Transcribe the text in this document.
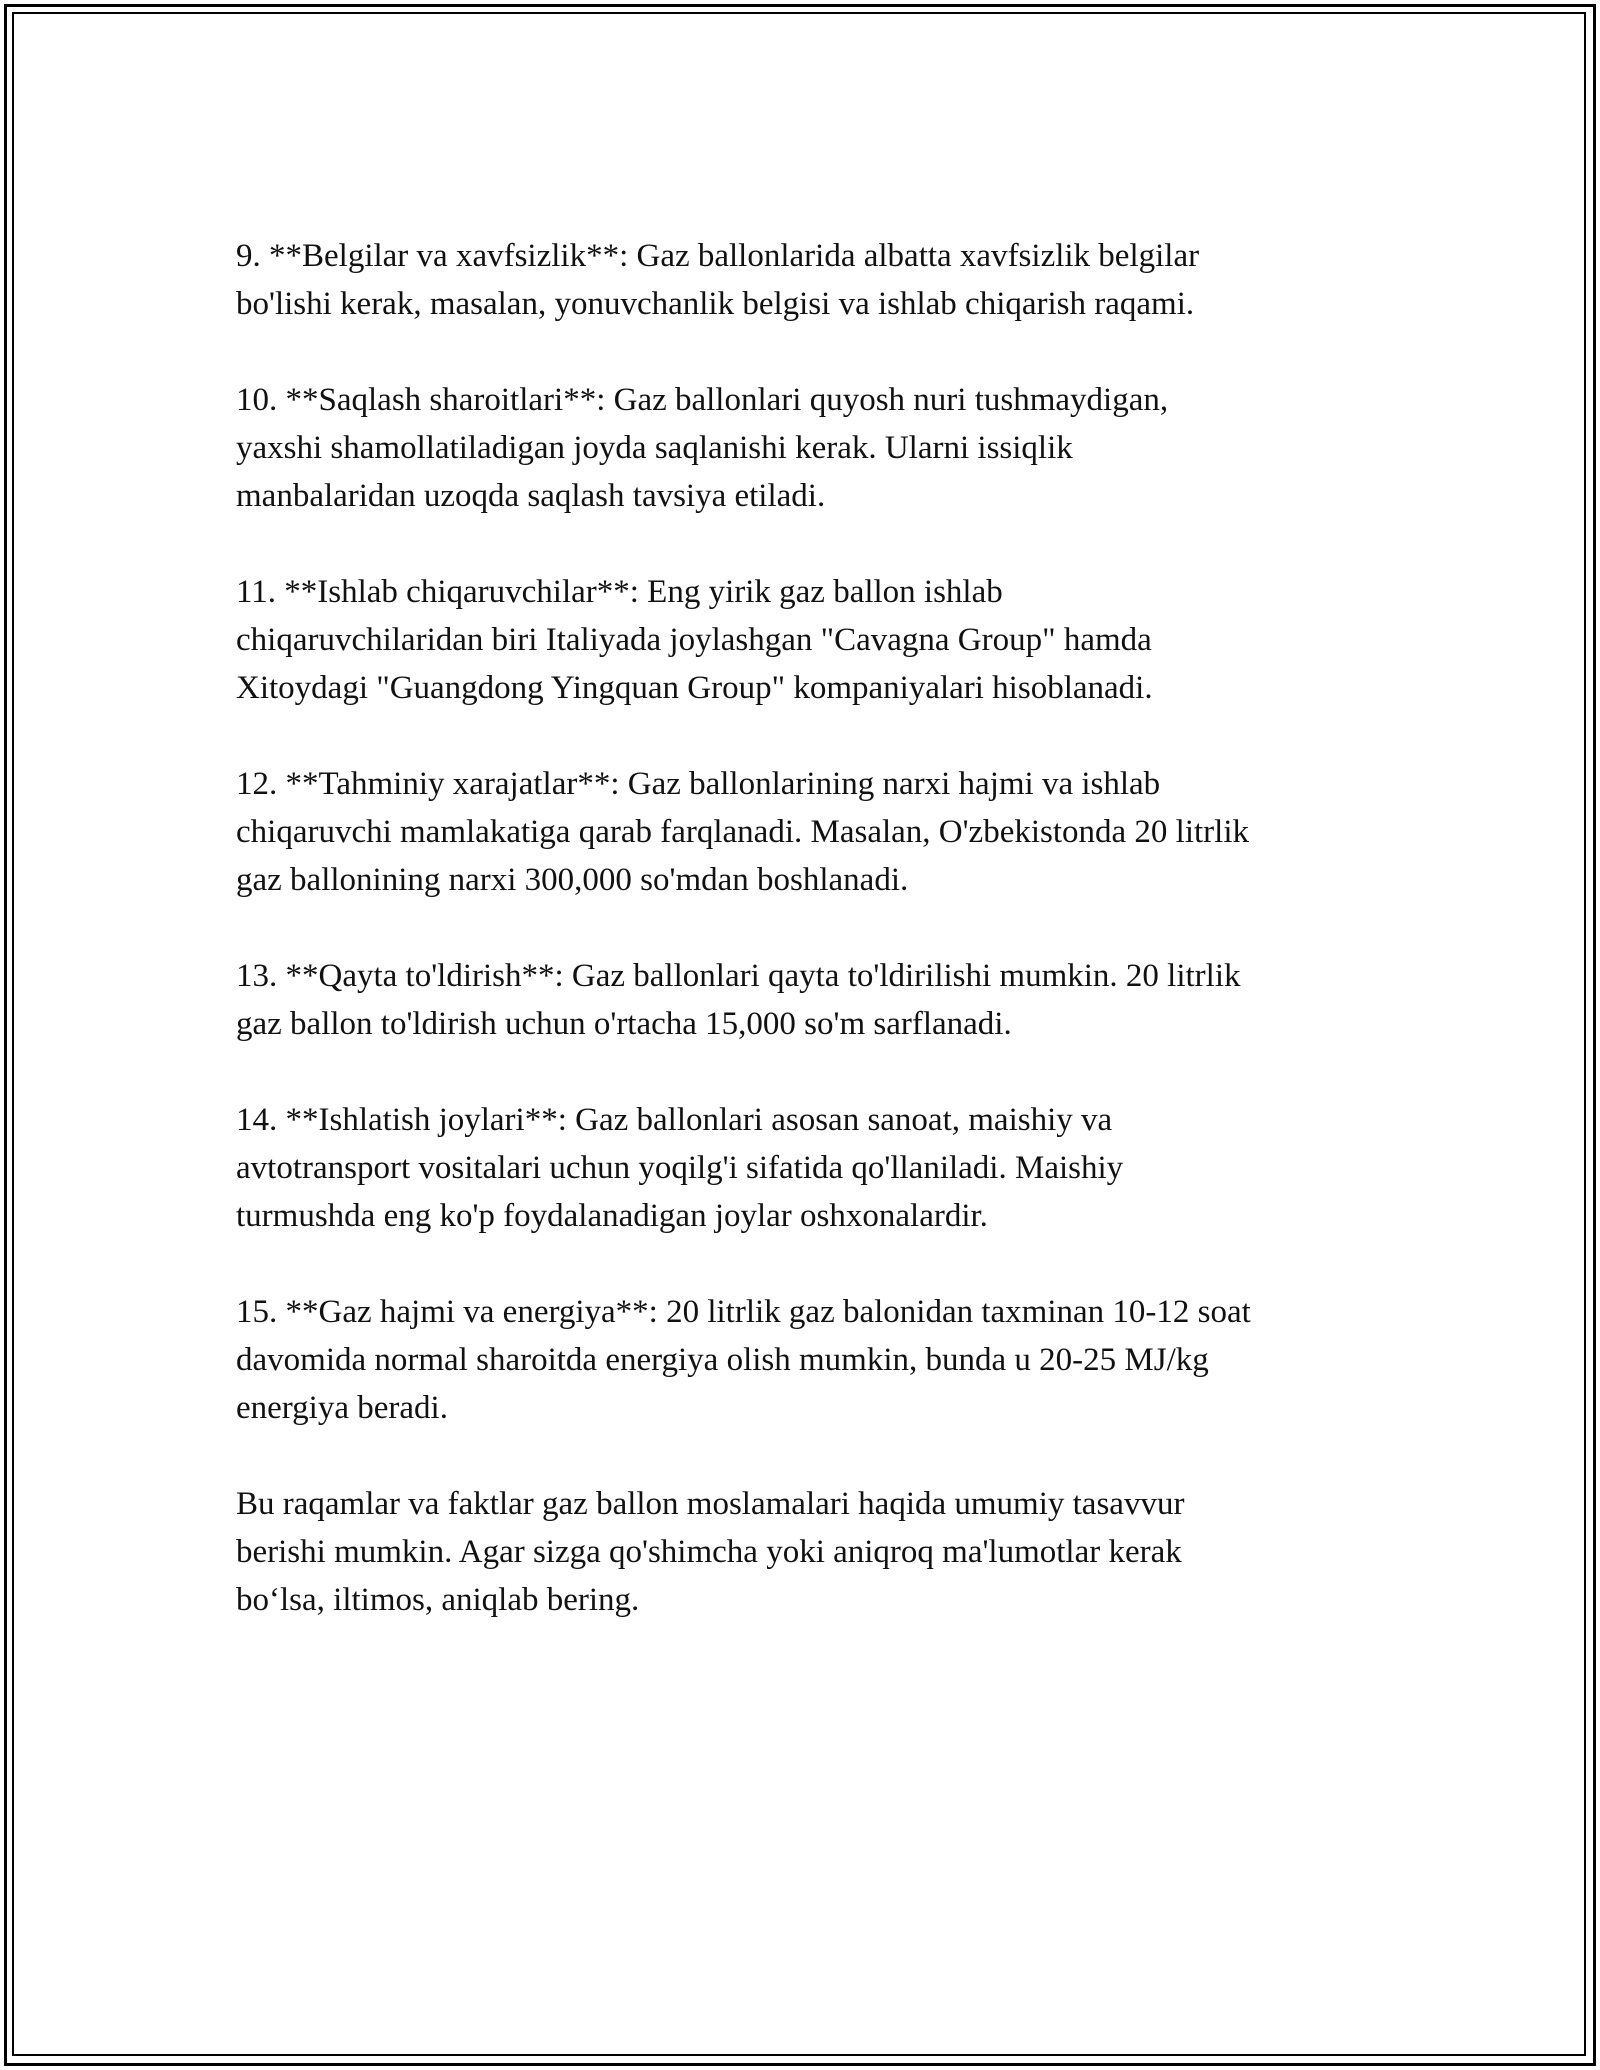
9. **Belgilar va xavfsizlik**: Gaz ballonlarida albatta xavfsizlik belgilar
bo'lishi kerak, masalan, yonuvchanlik belgisi va ishlab chiqarish raqami.

10. **Saqlash sharoitlari**: Gaz ballonlari quyosh nuri tushmaydigan,
yaxshi shamollatiladigan joyda saqlanishi kerak. Ularni issiqlik
manbalaridan uzoqda saqlash tavsiya etiladi.

11. **Ishlab chiqaruvchilar**: Eng yirik gaz ballon ishlab
chiqaruvchilaridan biri Italiyada joylashgan "Cavagna Group" hamda
Xitoydagi "Guangdong Yingquan Group" kompaniyalari hisoblanadi.

12. **Tahminiy xarajatlar**: Gaz ballonlarining narxi hajmi va ishlab
chiqaruvchi mamlakatiga qarab farqlanadi. Masalan, O'zbekistonda 20 litrlik
gaz ballonining narxi 300,000 so'mdan boshlanadi.

13. **Qayta to'ldirish**: Gaz ballonlari qayta to'ldirilishi mumkin. 20 litrlik
gaz ballon to'ldirish uchun o'rtacha 15,000 so'm sarflanadi.

14. **Ishlatish joylari**: Gaz ballonlari asosan sanoat, maishiy va
avtotransport vositalari uchun yoqilg'i sifatida qo'llaniladi. Maishiy
turmushda eng ko'p foydalanadigan joylar oshxonalardir.

15. **Gaz hajmi va energiya**: 20 litrlik gaz balonidan taxminan 10-12 soat
davomida normal sharoitda energiya olish mumkin, bunda u 20-25 MJ/kg
energiya beradi.

Bu raqamlar va faktlar gaz ballon moslamalari haqida umumiy tasavvur
berishi mumkin. Agar sizga qo'shimcha yoki aniqroq ma'lumotlar kerak
bo‘lsa, iltimos, aniqlab bering.
